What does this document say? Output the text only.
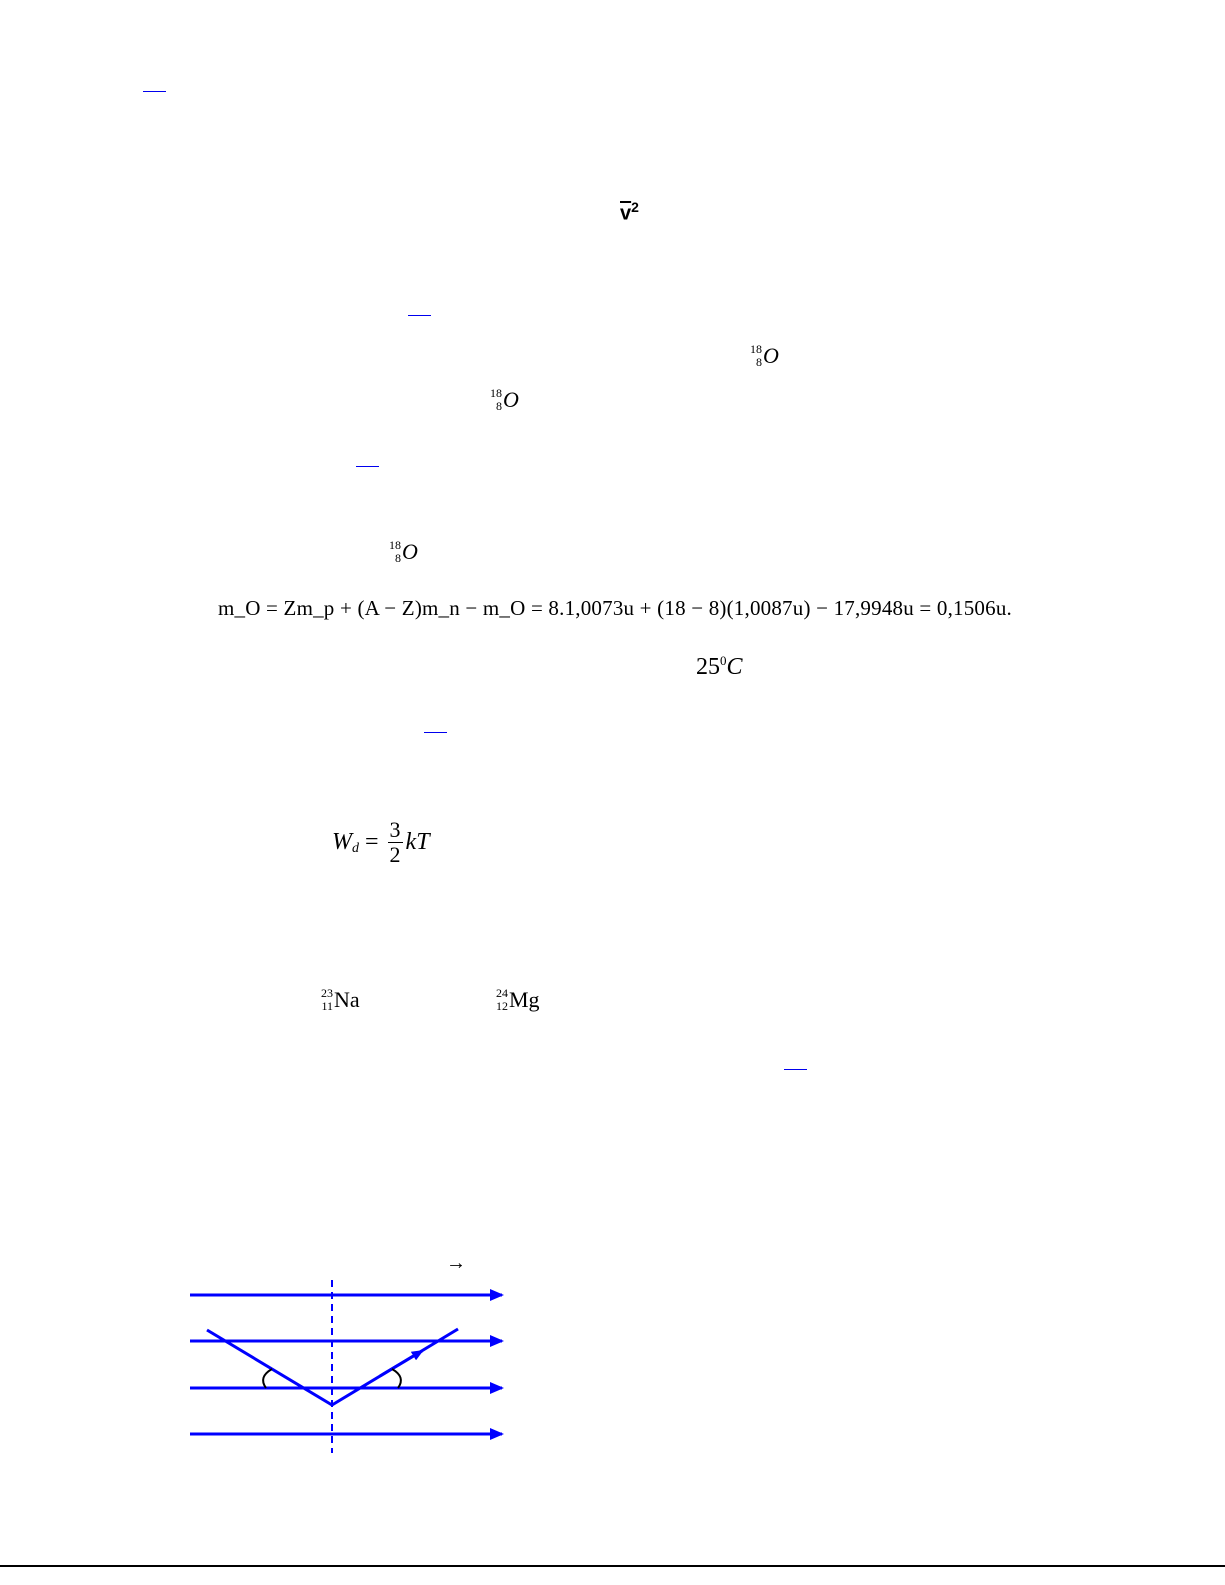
$\overline{v}^2$
18
8 O
18
8 O
18
8 O
m_O = Zm_p + (A − Z)m_n − m_O = 8.1,0073u + (18 − 8)(1,0087u) − 17,9948u = 0,1506u.
$25^0C$
$W_d = \frac{3}{2}$ kT
23
11 Na	24
12 Mg
→
